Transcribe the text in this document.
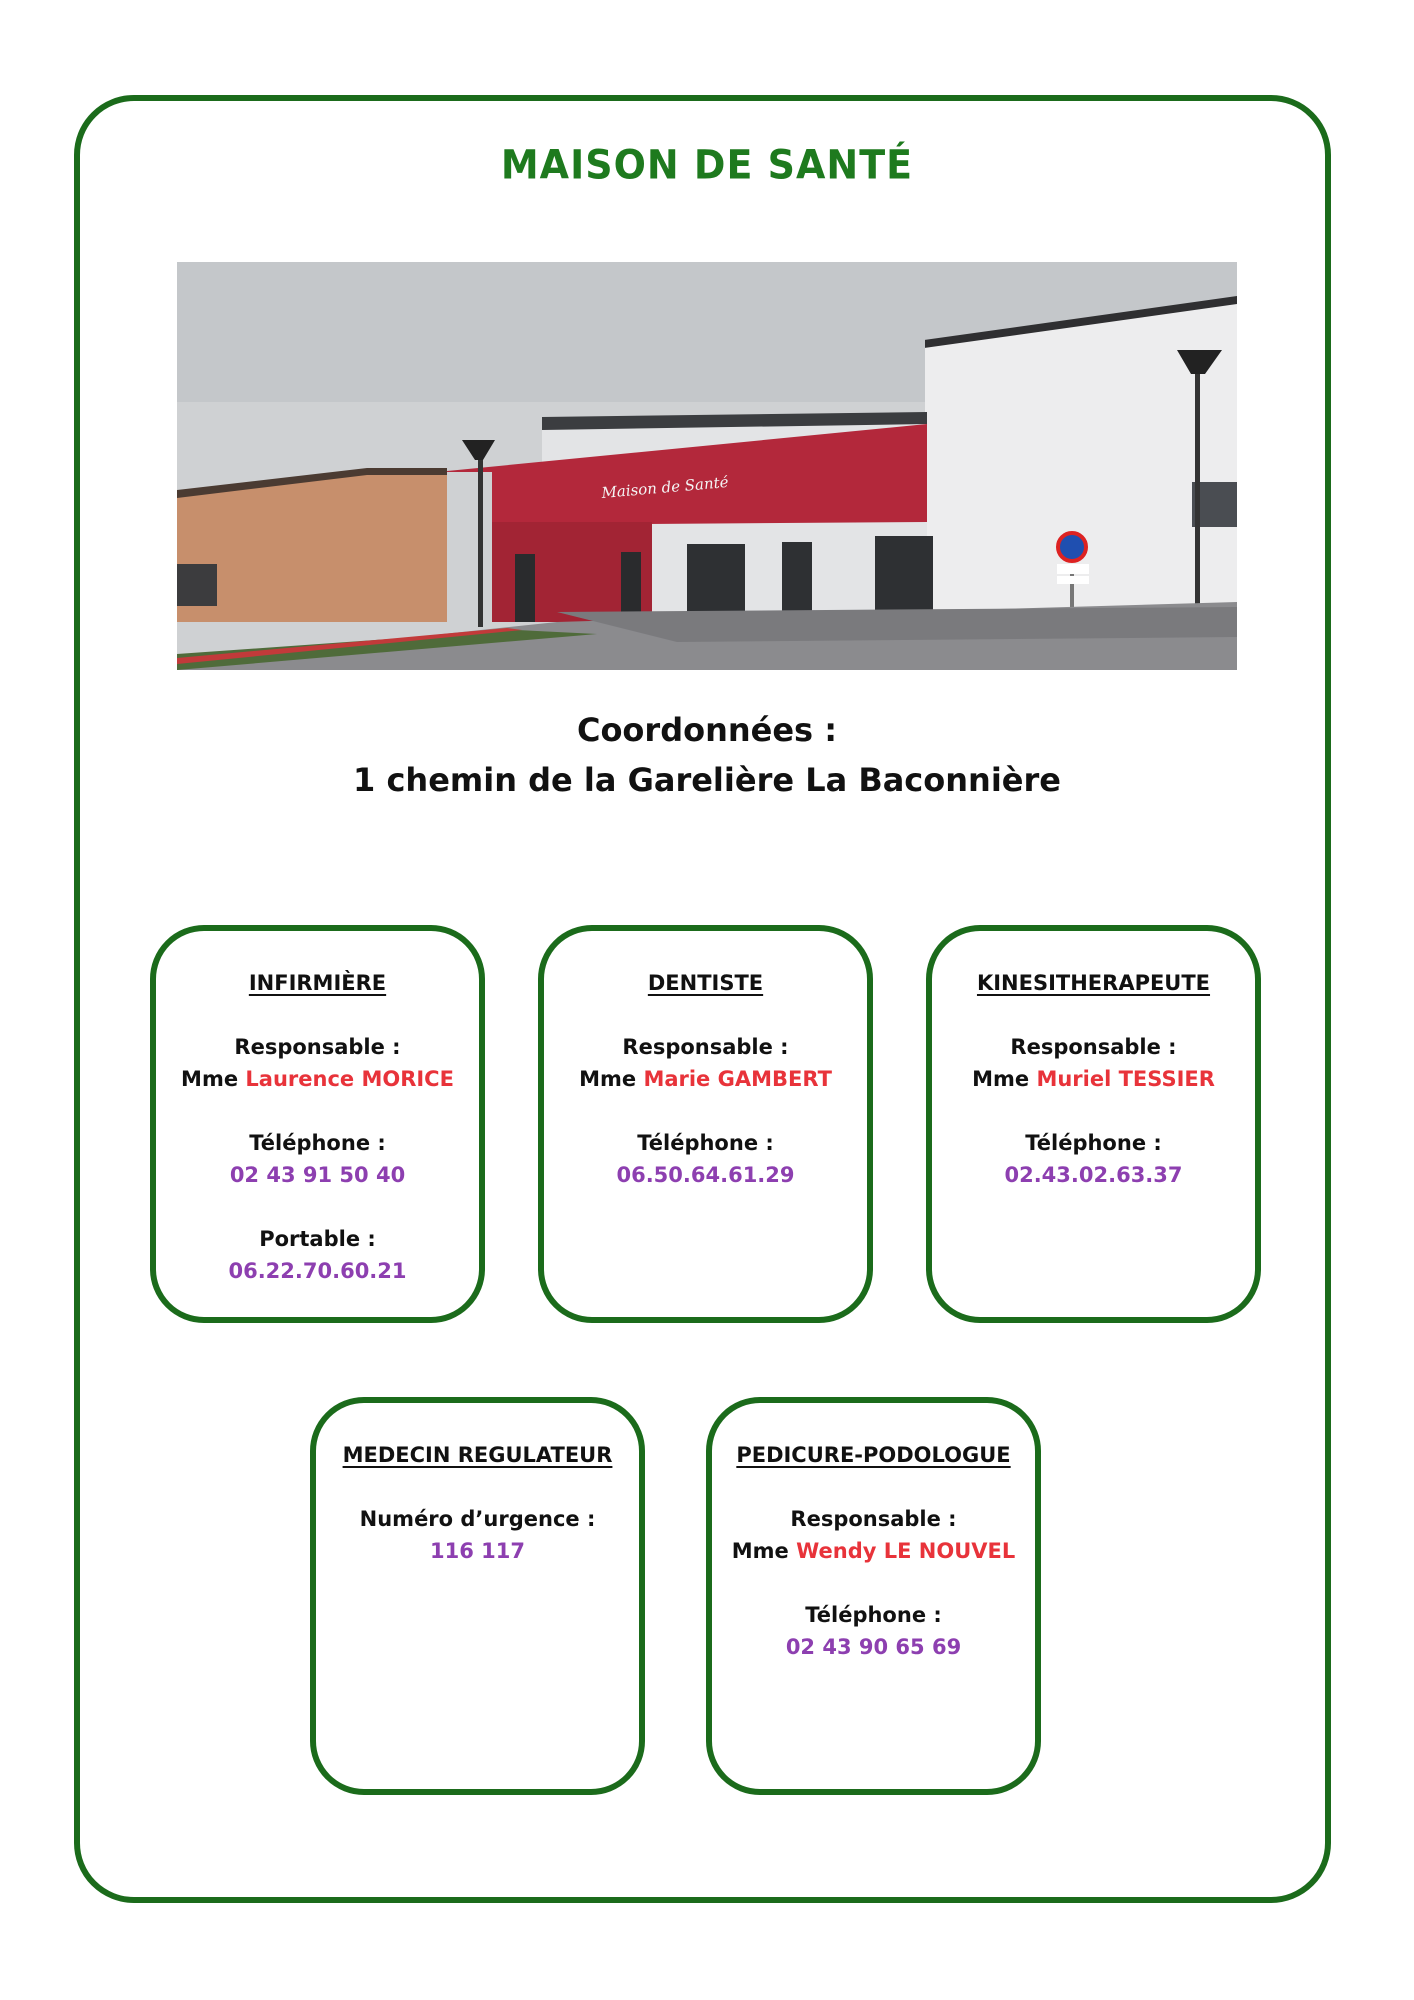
MAISON DE SANTÉ
Maison de Santé
Coordonnées :
1 chemin de la Garelière La Baconnière
INFIRMIÈRE
Responsable :
Mme Laurence MORICE
Téléphone :
02 43 91 50 40
Portable :
06.22.70.60.21
DENTISTE
Responsable :
Mme Marie GAMBERT
Téléphone :
06.50.64.61.29
KINESITHERAPEUTE
Responsable :
Mme Muriel TESSIER
Téléphone :
02.43.02.63.37
MEDECIN REGULATEUR
Numéro d’urgence :
116 117
PEDICURE-PODOLOGUE
Responsable :
Mme Wendy LE NOUVEL
Téléphone :
02 43 90 65 69
